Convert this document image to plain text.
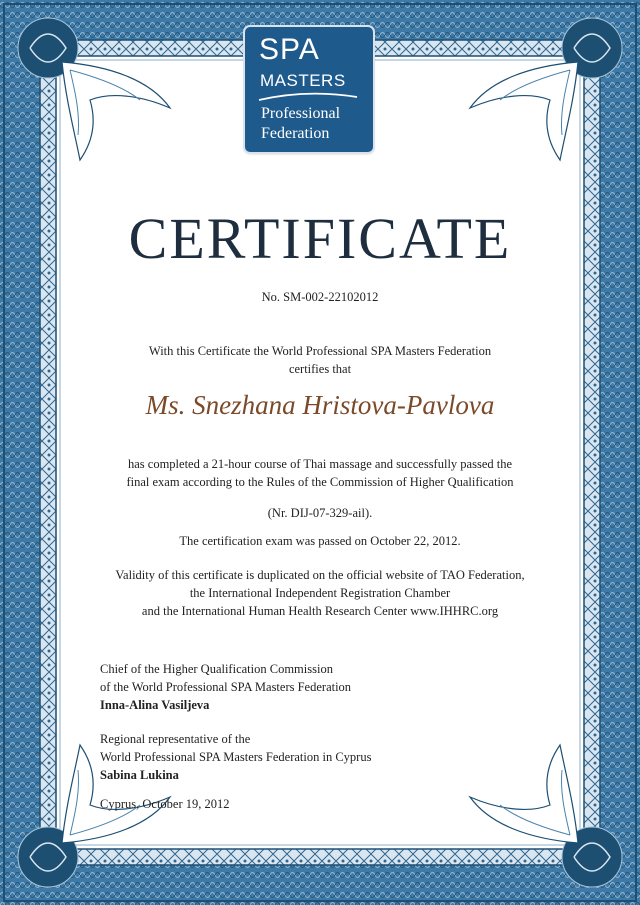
SPA
MASTERS
Professional
Federation
CERTIFICATE
No. SM-002-22102012
With this Certificate the World Professional SPA Masters Federation
certifies that
Ms. Snezhana Hristova-Pavlova
has completed a 21-hour course of Thai massage and successfully passed the
final exam according to the Rules of the Commission of Higher Qualification
(Nr. DIJ-07-329-ail).
The certification exam was passed on October 22, 2012.
Validity of this certificate is duplicated on the official website of TAO Federation,
the International Independent Registration Chamber
and the International Human Health Research Center www.IHHRC.org
Chief of the Higher Qualification Commission
of the World Professional SPA Masters Federation
Inna-Alina Vasiljeva
Regional representative of the
World Professional SPA Masters Federation in Cyprus
Sabina Lukina
Cyprus, October 19, 2012
